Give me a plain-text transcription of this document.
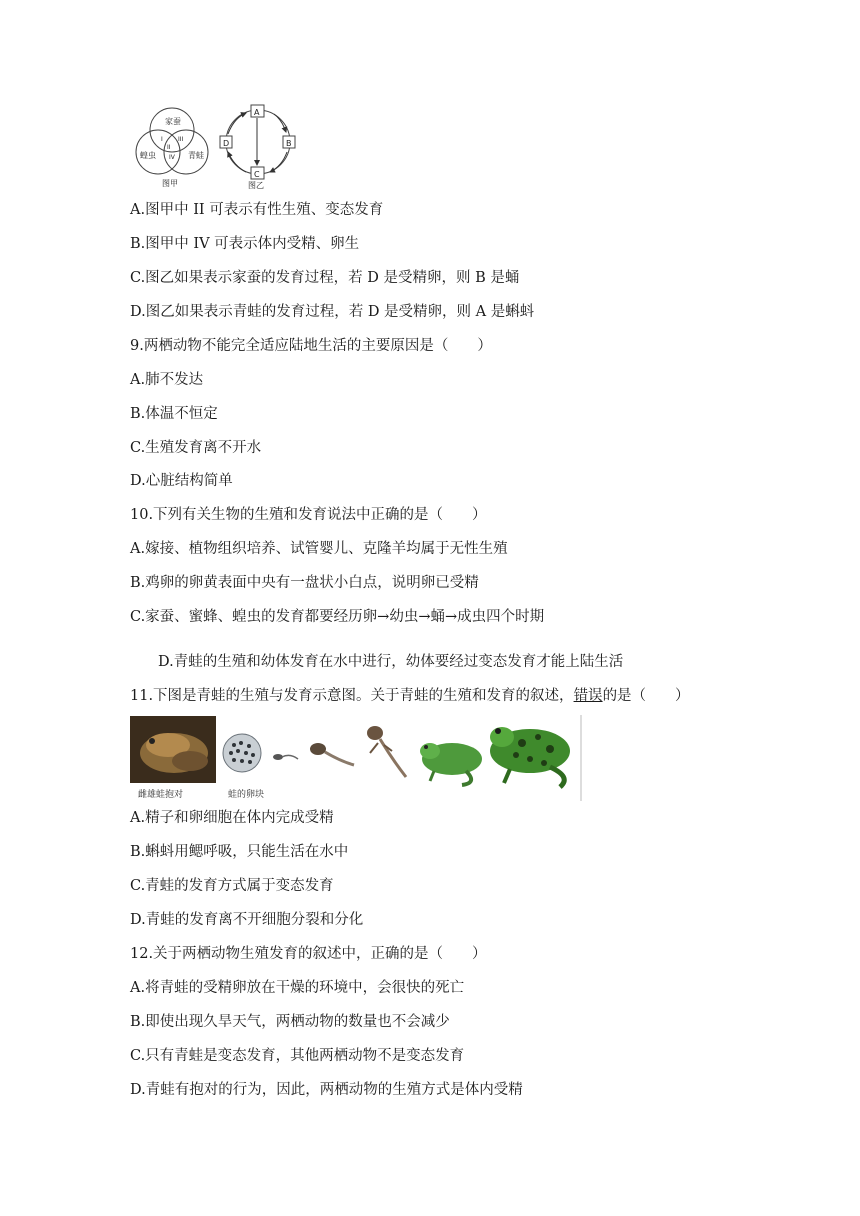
家蚕
蝗虫	青蛙
I
II
III
IV
图甲
A
B
C
D
图乙
A.图甲中 II 可表示有性生殖、变态发育
B.图甲中 IV 可表示体内受精、卵生
C.图乙如果表示家蚕的发育过程，若 D 是受精卵，则 B 是蛹
D.图乙如果表示青蛙的发育过程，若 D 是受精卵，则 A 是蝌蚪
9.两栖动物不能完全适应陆地生活的主要原因是（　　）
A.肺不发达
B.体温不恒定
C.生殖发育离不开水
D.心脏结构简单
10.下列有关生物的生殖和发育说法中正确的是（　　）
A.嫁接、植物组织培养、试管婴儿、克隆羊均属于无性生殖
B.鸡卵的卵黄表面中央有一盘状小白点，说明卵已受精
C.家蚕、蜜蜂、蝗虫的发育都要经历卵→幼虫→蛹→成虫四个时期
D.青蛙的生殖和幼体发育在水中进行，幼体要经过变态发育才能上陆生活
11.下图是青蛙的生殖与发育示意图。关于青蛙的生殖和发育的叙述，错误的是（　　）
雌雄蛙抱对	蛙的卵块
A.精子和卵细胞在体内完成受精
B.蝌蚪用鳃呼吸，只能生活在水中
C.青蛙的发育方式属于变态发育
D.青蛙的发育离不开细胞分裂和分化
12.关于两栖动物生殖发育的叙述中，正确的是（　　）
A.将青蛙的受精卵放在干燥的环境中，会很快的死亡
B.即使出现久旱天气，两栖动物的数量也不会减少
C.只有青蛙是变态发育，其他两栖动物不是变态发育
D.青蛙有抱对的行为，因此，两栖动物的生殖方式是体内受精
